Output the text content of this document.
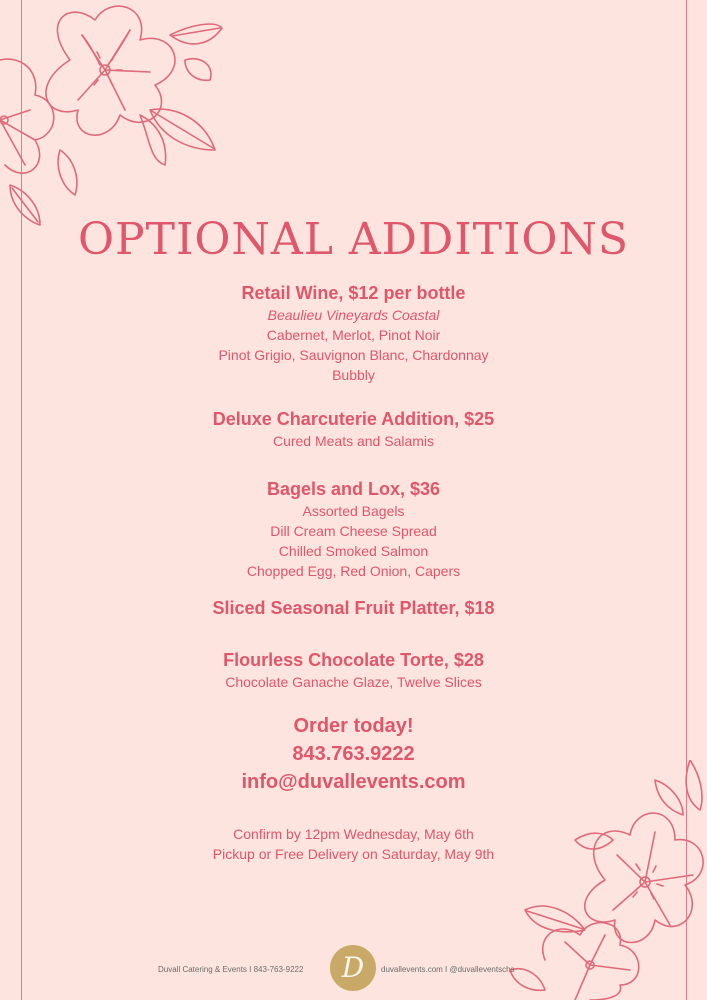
OPTIONAL ADDITIONS
Retail Wine, $12 per bottle
Beaulieu Vineyards Coastal
Cabernet, Merlot, Pinot Noir
Pinot Grigio, Sauvignon Blanc, Chardonnay
Bubbly
Deluxe Charcuterie Addition, $25
Cured Meats and Salamis
Bagels and Lox, $36
Assorted Bagels
Dill Cream Cheese Spread
Chilled Smoked Salmon
Chopped Egg, Red Onion, Capers
Sliced Seasonal Fruit Platter, $18
Flourless Chocolate Torte, $28
Chocolate Ganache Glaze, Twelve Slices
Order today!
843.763.9222
info@duvallevents.com
Confirm by 12pm Wednesday, May 6th
Pickup or Free Delivery on Saturday, May 9th
Duvall Catering & Events I 843-763-9222	D	duvallevents.com I @duvalleventschs
